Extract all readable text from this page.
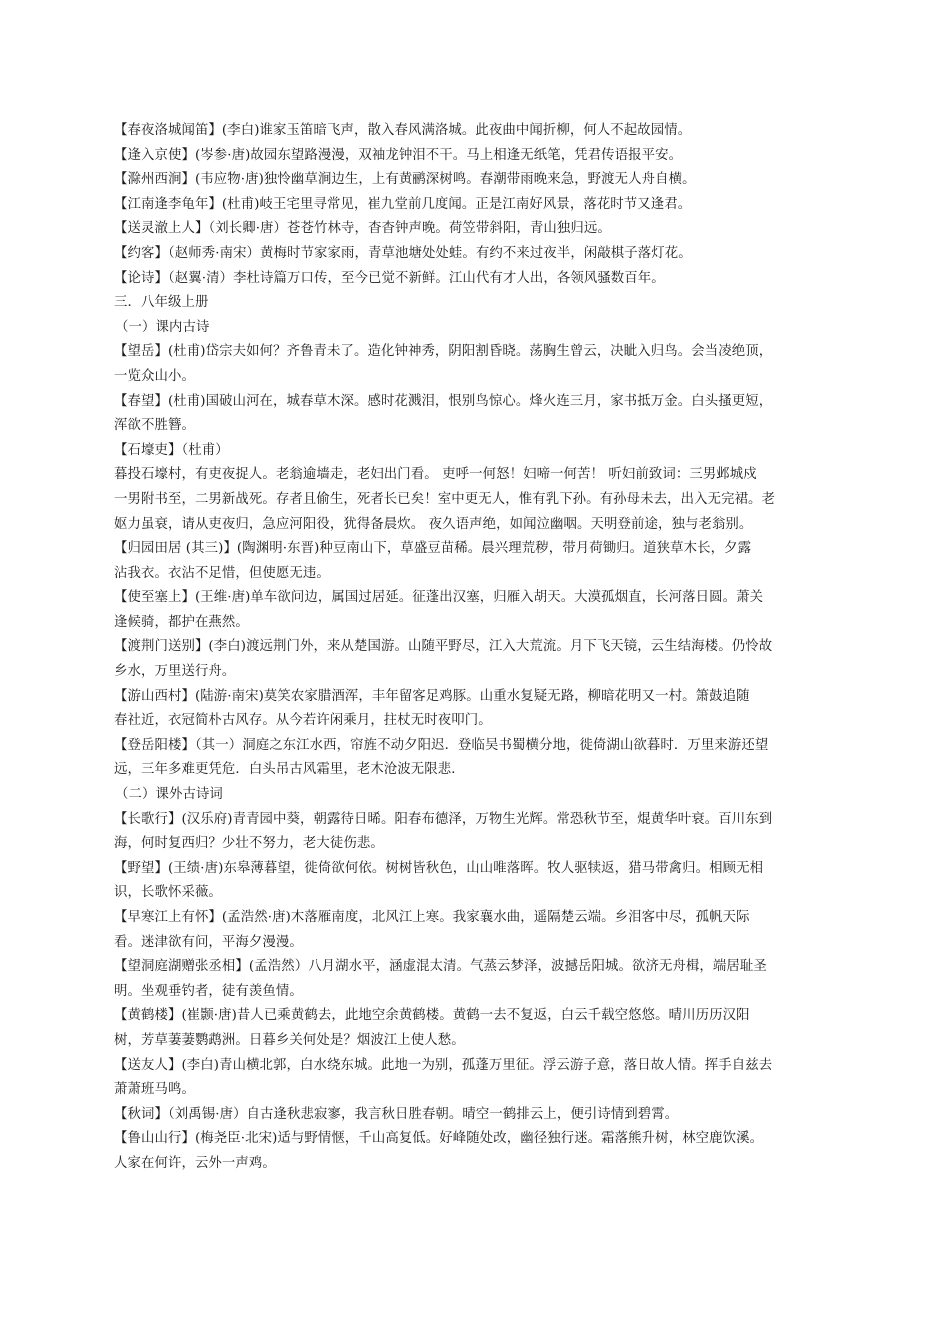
【春夜洛城闻笛】(李白)谁家玉笛暗飞声，散入春风满洛城。此夜曲中闻折柳，何人不起故园情。
【逢入京使】(岑参·唐)故园东望路漫漫，双袖龙钟泪不干。马上相逢无纸笔，凭君传语报平安。
【滁州西涧】(韦应物·唐)独怜幽草涧边生，上有黄鹂深树鸣。春潮带雨晚来急，野渡无人舟自横。
【江南逢李龟年】(杜甫)岐王宅里寻常见，崔九堂前几度闻。正是江南好风景，落花时节又逢君。
【送灵澈上人】（刘长卿·唐）苍苍竹林寺，杳杳钟声晚。荷笠带斜阳，青山独归远。
【约客】（赵师秀·南宋）黄梅时节家家雨，青草池塘处处蛙。有约不来过夜半，闲敲棋子落灯花。
【论诗】（赵翼·清）李杜诗篇万口传，至今已觉不新鲜。江山代有才人出，各领风骚数百年。
三．八年级上册
（一）课内古诗
【望岳】(杜甫)岱宗夫如何？齐鲁青未了。造化钟神秀，阴阳割昏晓。荡胸生曾云，决眦入归鸟。会当凌绝顶，
一览众山小。
【春望】(杜甫)国破山河在，城春草木深。感时花溅泪，恨别鸟惊心。烽火连三月，家书抵万金。白头搔更短，
浑欲不胜簪。
【石壕吏】（杜甫）
暮投石壕村，有吏夜捉人。老翁逾墙走，老妇出门看。 吏呼一何怒！妇啼一何苦！ 听妇前致词：三男邺城戍
一男附书至，二男新战死。存者且偷生，死者长已矣！室中更无人，惟有乳下孙。有孙母未去，出入无完裙。老
妪力虽衰，请从吏夜归，急应河阳役，犹得备晨炊。 夜久语声绝，如闻泣幽咽。天明登前途，独与老翁别。
【归园田居 (其三)】(陶渊明·东晋)种豆南山下，草盛豆苗稀。晨兴理荒秽，带月荷锄归。道狭草木长，夕露
沾我衣。衣沾不足惜，但使愿无违。
【使至塞上】(王维·唐)单车欲问边，属国过居延。征蓬出汉塞，归雁入胡天。大漠孤烟直，长河落日圆。萧关
逢候骑，都护在燕然。
【渡荆门送别】(李白)渡远荆门外，来从楚国游。山随平野尽，江入大荒流。月下飞天镜，云生结海楼。仍怜故
乡水，万里送行舟。
【游山西村】(陆游·南宋)莫笑农家腊酒浑，丰年留客足鸡豚。山重水复疑无路，柳暗花明又一村。箫鼓追随
春社近，衣冠简朴古风存。从今若许闲乘月，拄杖无时夜叩门。
【登岳阳楼】（其一）洞庭之东江水西，帘旌不动夕阳迟．登临吴书蜀横分地，徙倚湖山欲暮时．万里来游还望
远，三年多难更凭危．白头吊古风霜里，老木沧波无限悲．
（二）课外古诗词
【长歌行】(汉乐府)青青园中葵，朝露待日晞。阳春布德泽，万物生光辉。常恐秋节至，焜黄华叶衰。百川东到
海，何时复西归？少壮不努力，老大徒伤悲。
【野望】(王绩·唐)东皋薄暮望，徙倚欲何依。树树皆秋色，山山唯落晖。牧人驱犊返，猎马带禽归。相顾无相
识，长歌怀采薇。
【早寒江上有怀】(孟浩然·唐)木落雁南度，北风江上寒。我家襄水曲，遥隔楚云端。乡泪客中尽，孤帆天际
看。迷津欲有问，平海夕漫漫。
【望洞庭湖赠张丞相】(孟浩然）八月湖水平，涵虚混太清。气蒸云梦泽，波撼岳阳城。欲济无舟楫，端居耻圣
明。坐观垂钓者，徒有羡鱼情。
【黄鹤楼】(崔颢·唐)昔人已乘黄鹤去，此地空余黄鹤楼。黄鹤一去不复返，白云千载空悠悠。晴川历历汉阳
树，芳草萋萋鹦鹉洲。日暮乡关何处是？烟波江上使人愁。
【送友人】(李白)青山横北郭，白水绕东城。此地一为别，孤蓬万里征。浮云游子意，落日故人情。挥手自兹去
萧萧班马鸣。
【秋词】（刘禹锡·唐）自古逢秋悲寂寥，我言秋日胜春朝。晴空一鹤排云上，便引诗情到碧霄。
【鲁山山行】(梅尧臣·北宋)适与野情惬，千山高复低。好峰随处改，幽径独行迷。霜落熊升树，林空鹿饮溪。
人家在何许，云外一声鸡。
